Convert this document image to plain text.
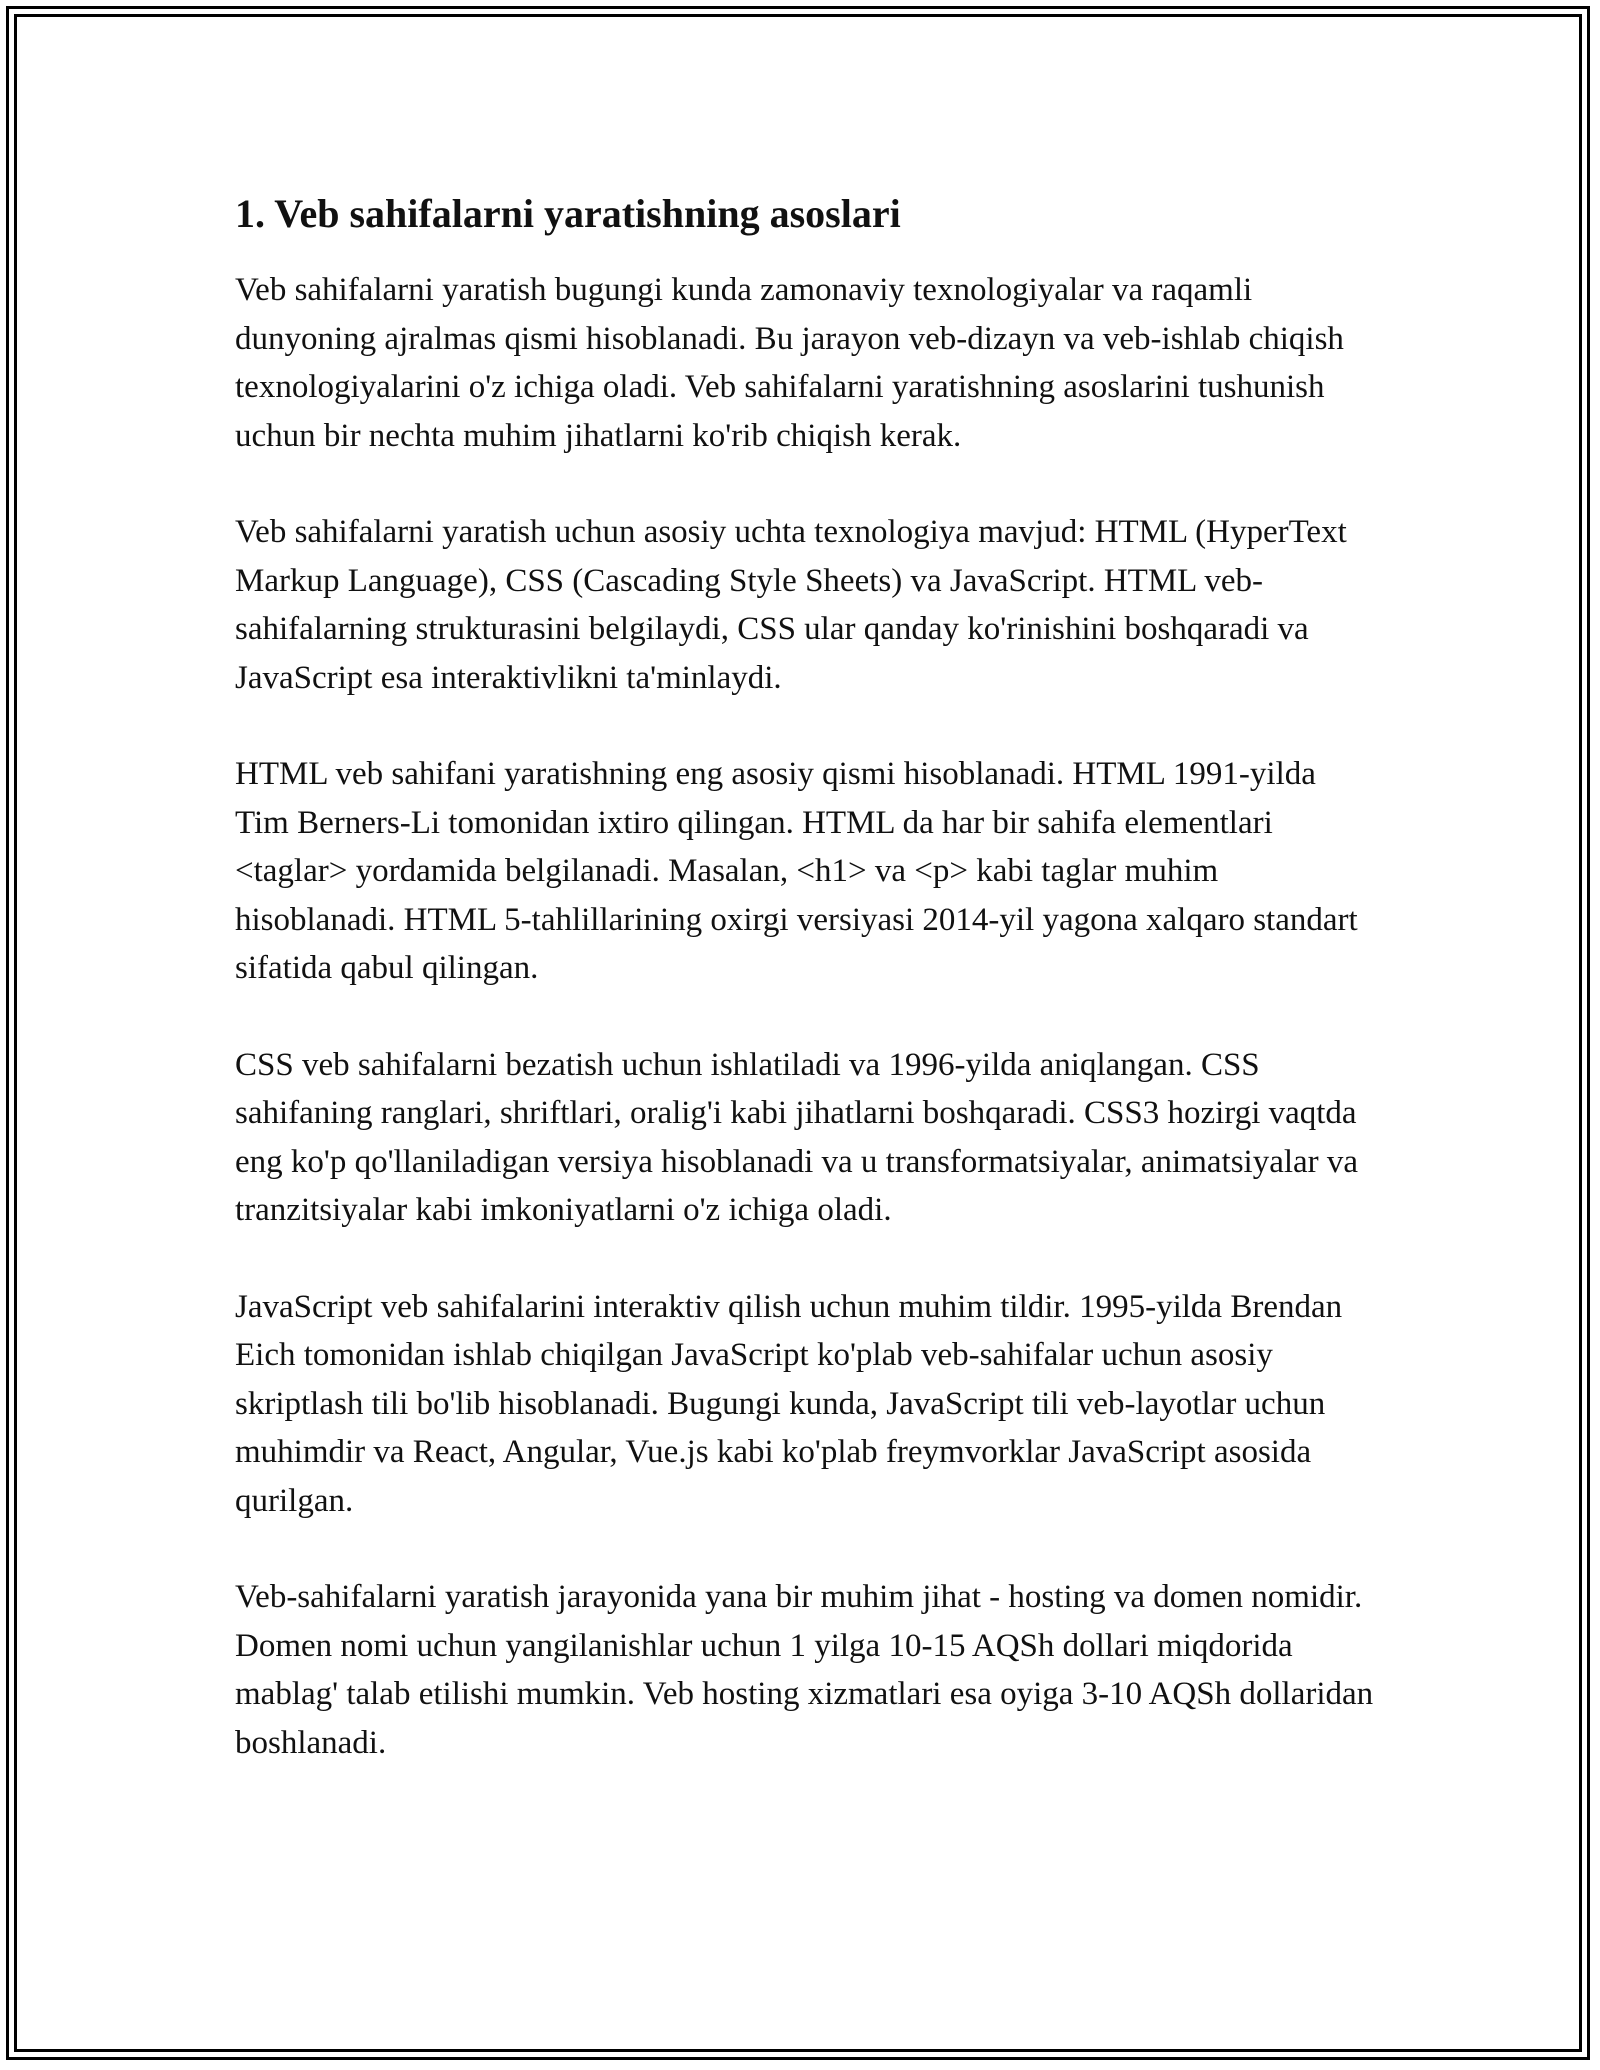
1. Veb sahifalarni yaratishning asoslari

Veb sahifalarni yaratish bugungi kunda zamonaviy texnologiyalar va raqamli dunyoning ajralmas qismi hisoblanadi. Bu jarayon veb-dizayn va veb-ishlab chiqish texnologiyalarini o'z ichiga oladi. Veb sahifalarni yaratishning asoslarini tushunish uchun bir nechta muhim jihatlarni ko'rib chiqish kerak.

Veb sahifalarni yaratish uchun asosiy uchta texnologiya mavjud: HTML (HyperText Markup Language), CSS (Cascading Style Sheets) va JavaScript. HTML veb-sahifalarning strukturasini belgilaydi, CSS ular qanday ko'rinishini boshqaradi va JavaScript esa interaktivlikni ta'minlaydi.

HTML veb sahifani yaratishning eng asosiy qismi hisoblanadi. HTML 1991-yilda Tim Berners-Li tomonidan ixtiro qilingan. HTML da har bir sahifa elementlari <taglar> yordamida belgilanadi. Masalan, <h1> va <p> kabi taglar muhim hisoblanadi. HTML 5-tahlillarining oxirgi versiyasi 2014-yil yagona xalqaro standart sifatida qabul qilingan.

CSS veb sahifalarni bezatish uchun ishlatiladi va 1996-yilda aniqlangan. CSS sahifaning ranglari, shriftlari, oralig'i kabi jihatlarni boshqaradi. CSS3 hozirgi vaqtda eng ko'p qo'llaniladigan versiya hisoblanadi va u transformatsiyalar, animatsiyalar va tranzitsiyalar kabi imkoniyatlarni o'z ichiga oladi.

JavaScript veb sahifalarini interaktiv qilish uchun muhim tildir. 1995-yilda Brendan Eich tomonidan ishlab chiqilgan JavaScript ko'plab veb-sahifalar uchun asosiy skriptlash tili bo'lib hisoblanadi. Bugungi kunda, JavaScript tili veb-layotlar uchun muhimdir va React, Angular, Vue.js kabi ko'plab freymvorklar JavaScript asosida qurilgan.

Veb-sahifalarni yaratish jarayonida yana bir muhim jihat - hosting va domen nomidir. Domen nomi uchun yangilanishlar uchun 1 yilga 10-15 AQSh dollari miqdorida mablag' talab etilishi mumkin. Veb hosting xizmatlari esa oyiga 3-10 AQSh dollaridan boshlanadi.
